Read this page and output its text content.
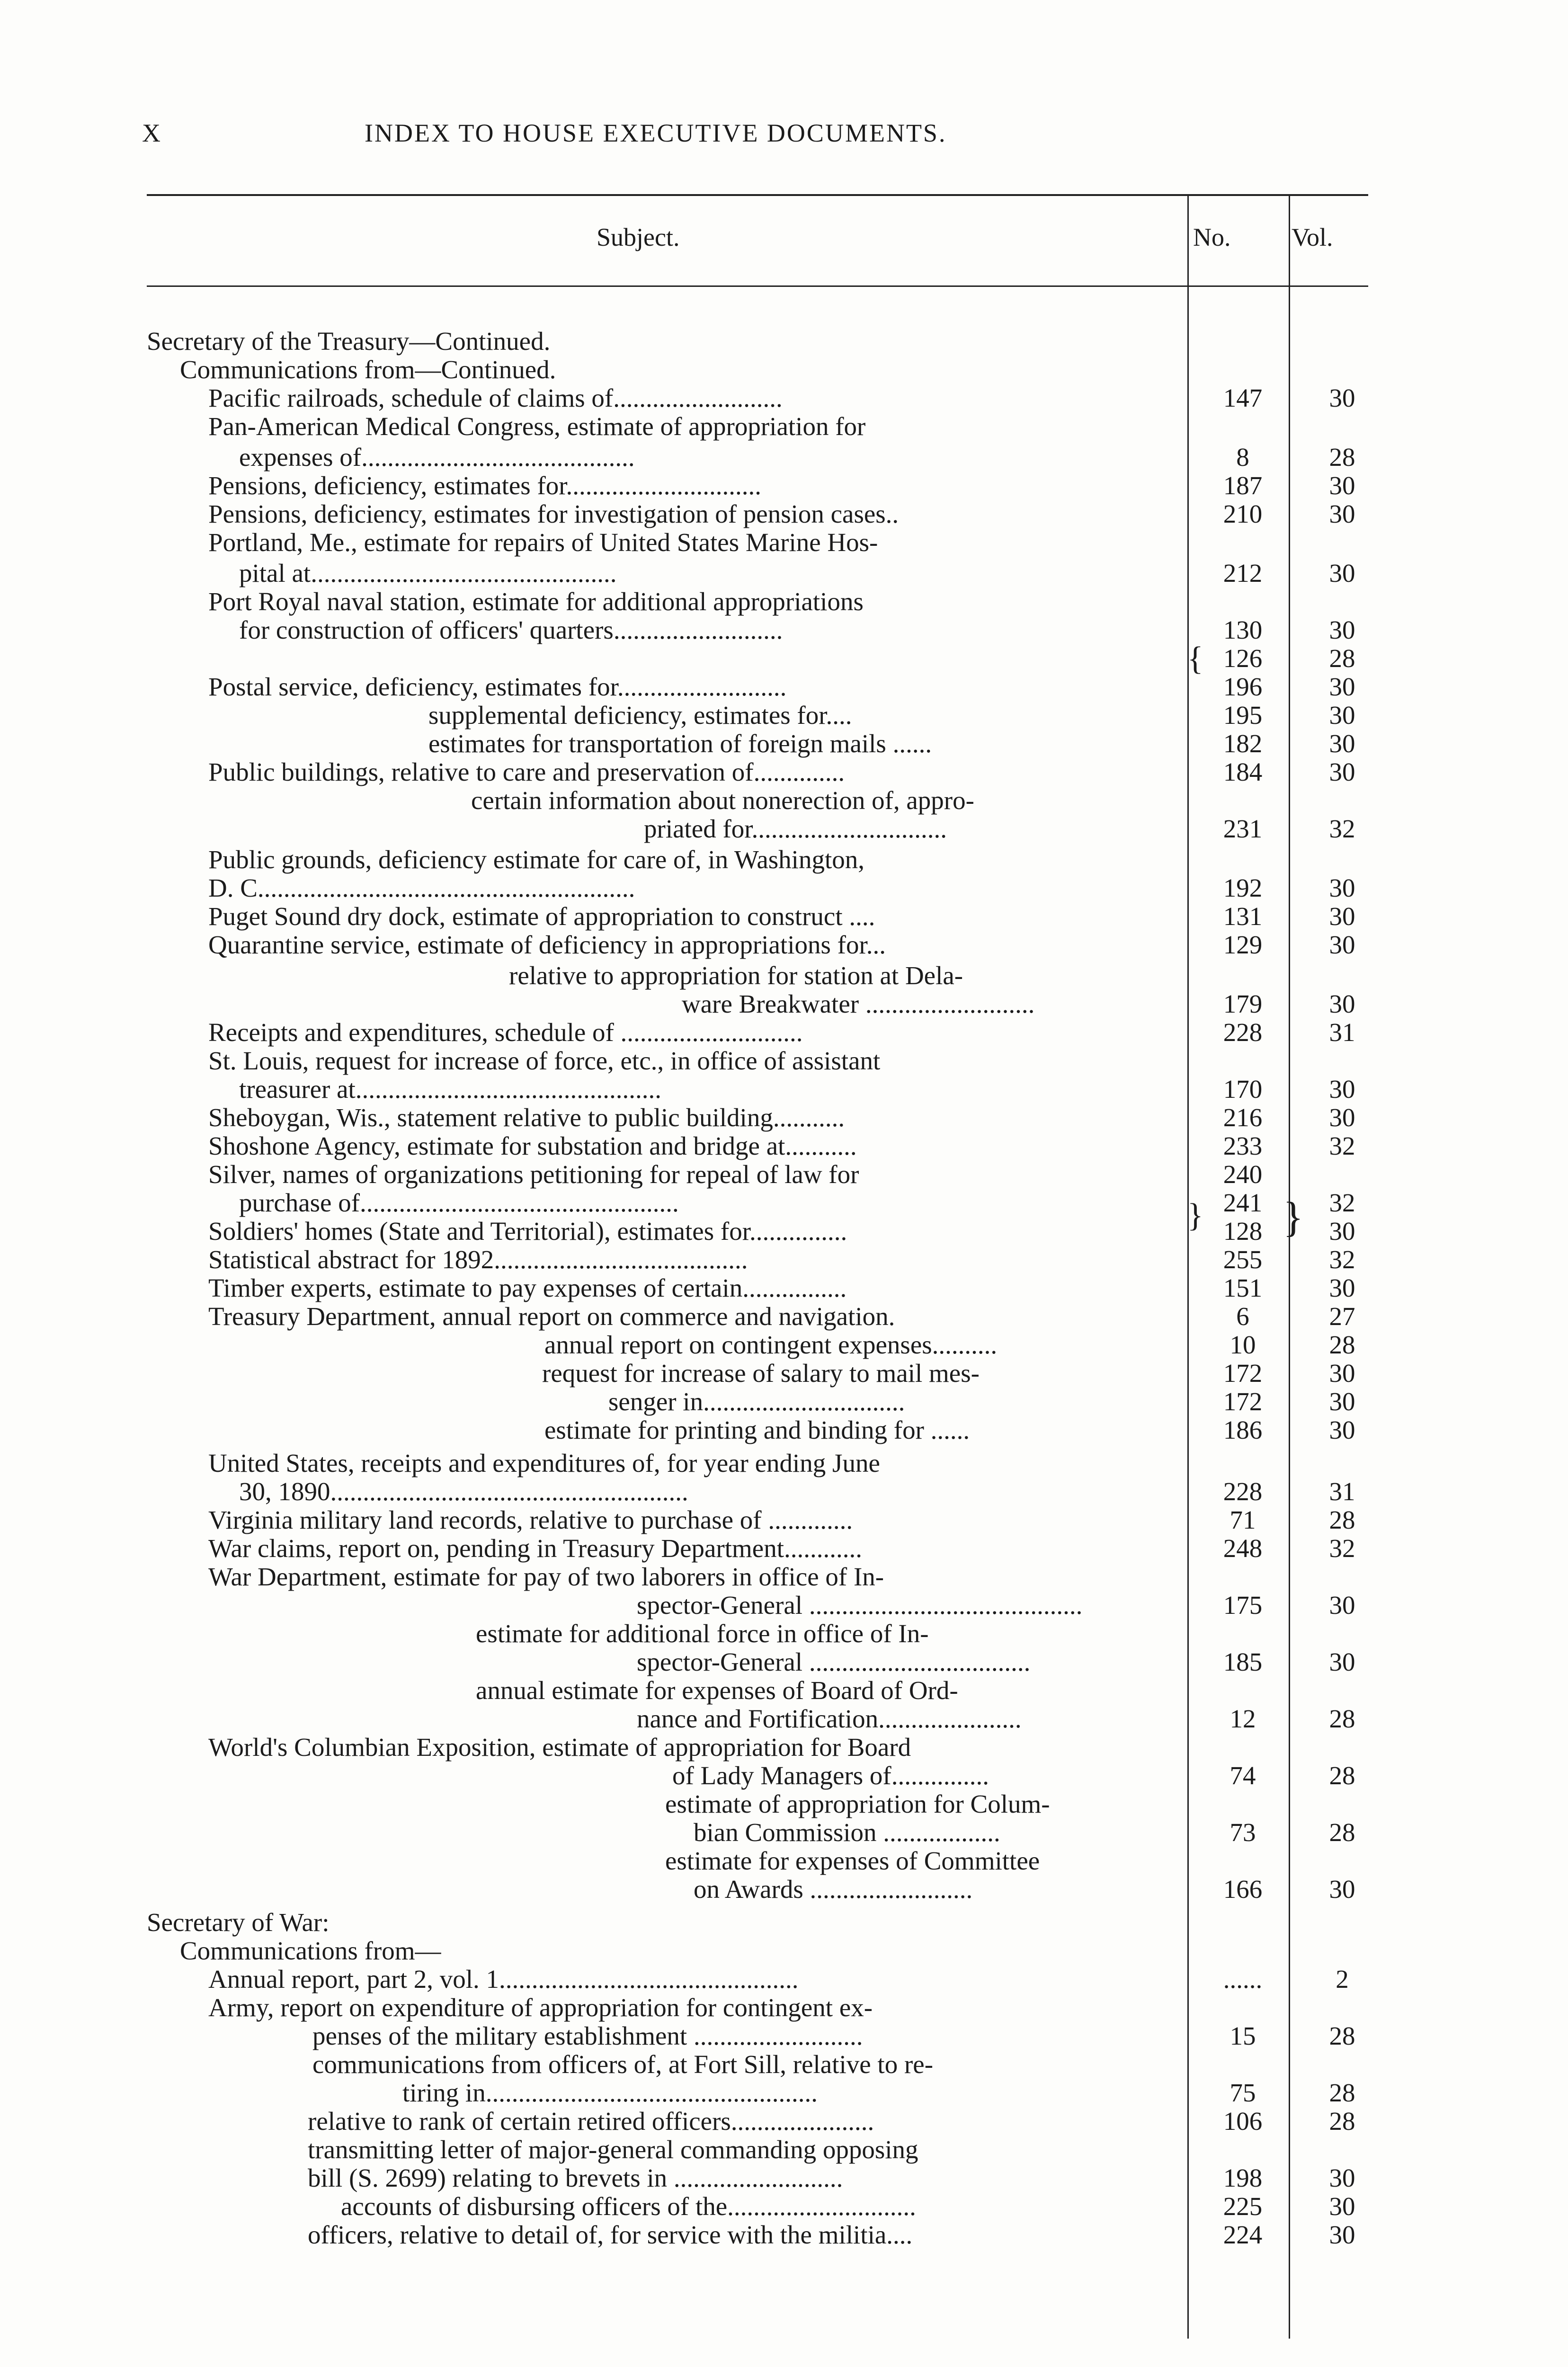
X	INDEX TO HOUSE EXECUTIVE DOCUMENTS.
Subject.	No. Vol.
Secretary of the Treasury—Continued.
Communications from—Continued.
Pacific railroads, schedule of claims of..........................	147	30
Pan-American Medical Congress, estimate of appropriation for
expenses of..........................................	8	28
Pensions, deficiency, estimates for..............................	187	30
Pensions, deficiency, estimates for investigation of pension cases..	210	30
Portland, Me., estimate for repairs of United States Marine Hos-
pital at...............................................	212	30
Port Royal naval station, estimate for additional appropriations
for construction of officers' quarters..........................	130	30
126	28
Postal service, deficiency, estimates for..........................	196	30
supplemental deficiency, estimates for....	195	30
estimates for transportation of foreign mails ......	182	30
Public buildings, relative to care and preservation of..............	184	30
certain information about nonerection of, appro-
priated for..............................	231	32
Public grounds, deficiency estimate for care of, in Washington,
D. C..........................................................	192	30
Puget Sound dry dock, estimate of appropriation to construct ....	131	30
Quarantine service, estimate of deficiency in appropriations for...	129	30
relative to appropriation for station at Dela-
ware Breakwater ..........................	179	30
Receipts and expenditures, schedule of ............................	228	31
St. Louis, request for increase of force, etc., in office of assistant
treasurer at...............................................	170	30
Sheboygan, Wis., statement relative to public building...........	216	30
Shoshone Agency, estimate for substation and bridge at...........	233	32
Silver, names of organizations petitioning for repeal of law for	240
purchase of.................................................	241	32
Soldiers' homes (State and Territorial), estimates for...............	128	30
Statistical abstract for 1892.......................................	255	32
Timber experts, estimate to pay expenses of certain................	151	30
Treasury Department, annual report on commerce and navigation.	6	27
annual report on contingent expenses..........	10	28
request for increase of salary to mail mes-	172	30
senger in...............................	172	30
estimate for printing and binding for ......	186	30
United States, receipts and expenditures of, for year ending June
30, 1890.......................................................	228	31
Virginia military land records, relative to purchase of .............	71	28
War claims, report on, pending in Treasury Department............	248	32
War Department, estimate for pay of two laborers in office of In-
spector-General ..........................................	175	30
estimate for additional force in office of In-
spector-General ..................................	185	30
annual estimate for expenses of Board of Ord-
nance and Fortification......................	12	28
World's Columbian Exposition, estimate of appropriation for Board
of Lady Managers of...............	74	28
estimate of appropriation for Colum-
bian Commission ..................	73	28
estimate for expenses of Committee
on Awards .........................	166	30
Secretary of War:
Communications from—
Annual report, part 2, vol. 1..............................................	......	2
Army, report on expenditure of appropriation for contingent ex-
penses of the military establishment ..........................	15	28
communications from officers of, at Fort Sill, relative to re-
tiring in...................................................	75	28
relative to rank of certain retired officers......................	106	28
transmitting letter of major-general commanding opposing
bill (S. 2699) relating to brevets in ..........................	198	30
accounts of disbursing officers of the.............................	225	30
officers, relative to detail of, for service with the militia....	224	30
{
} }
